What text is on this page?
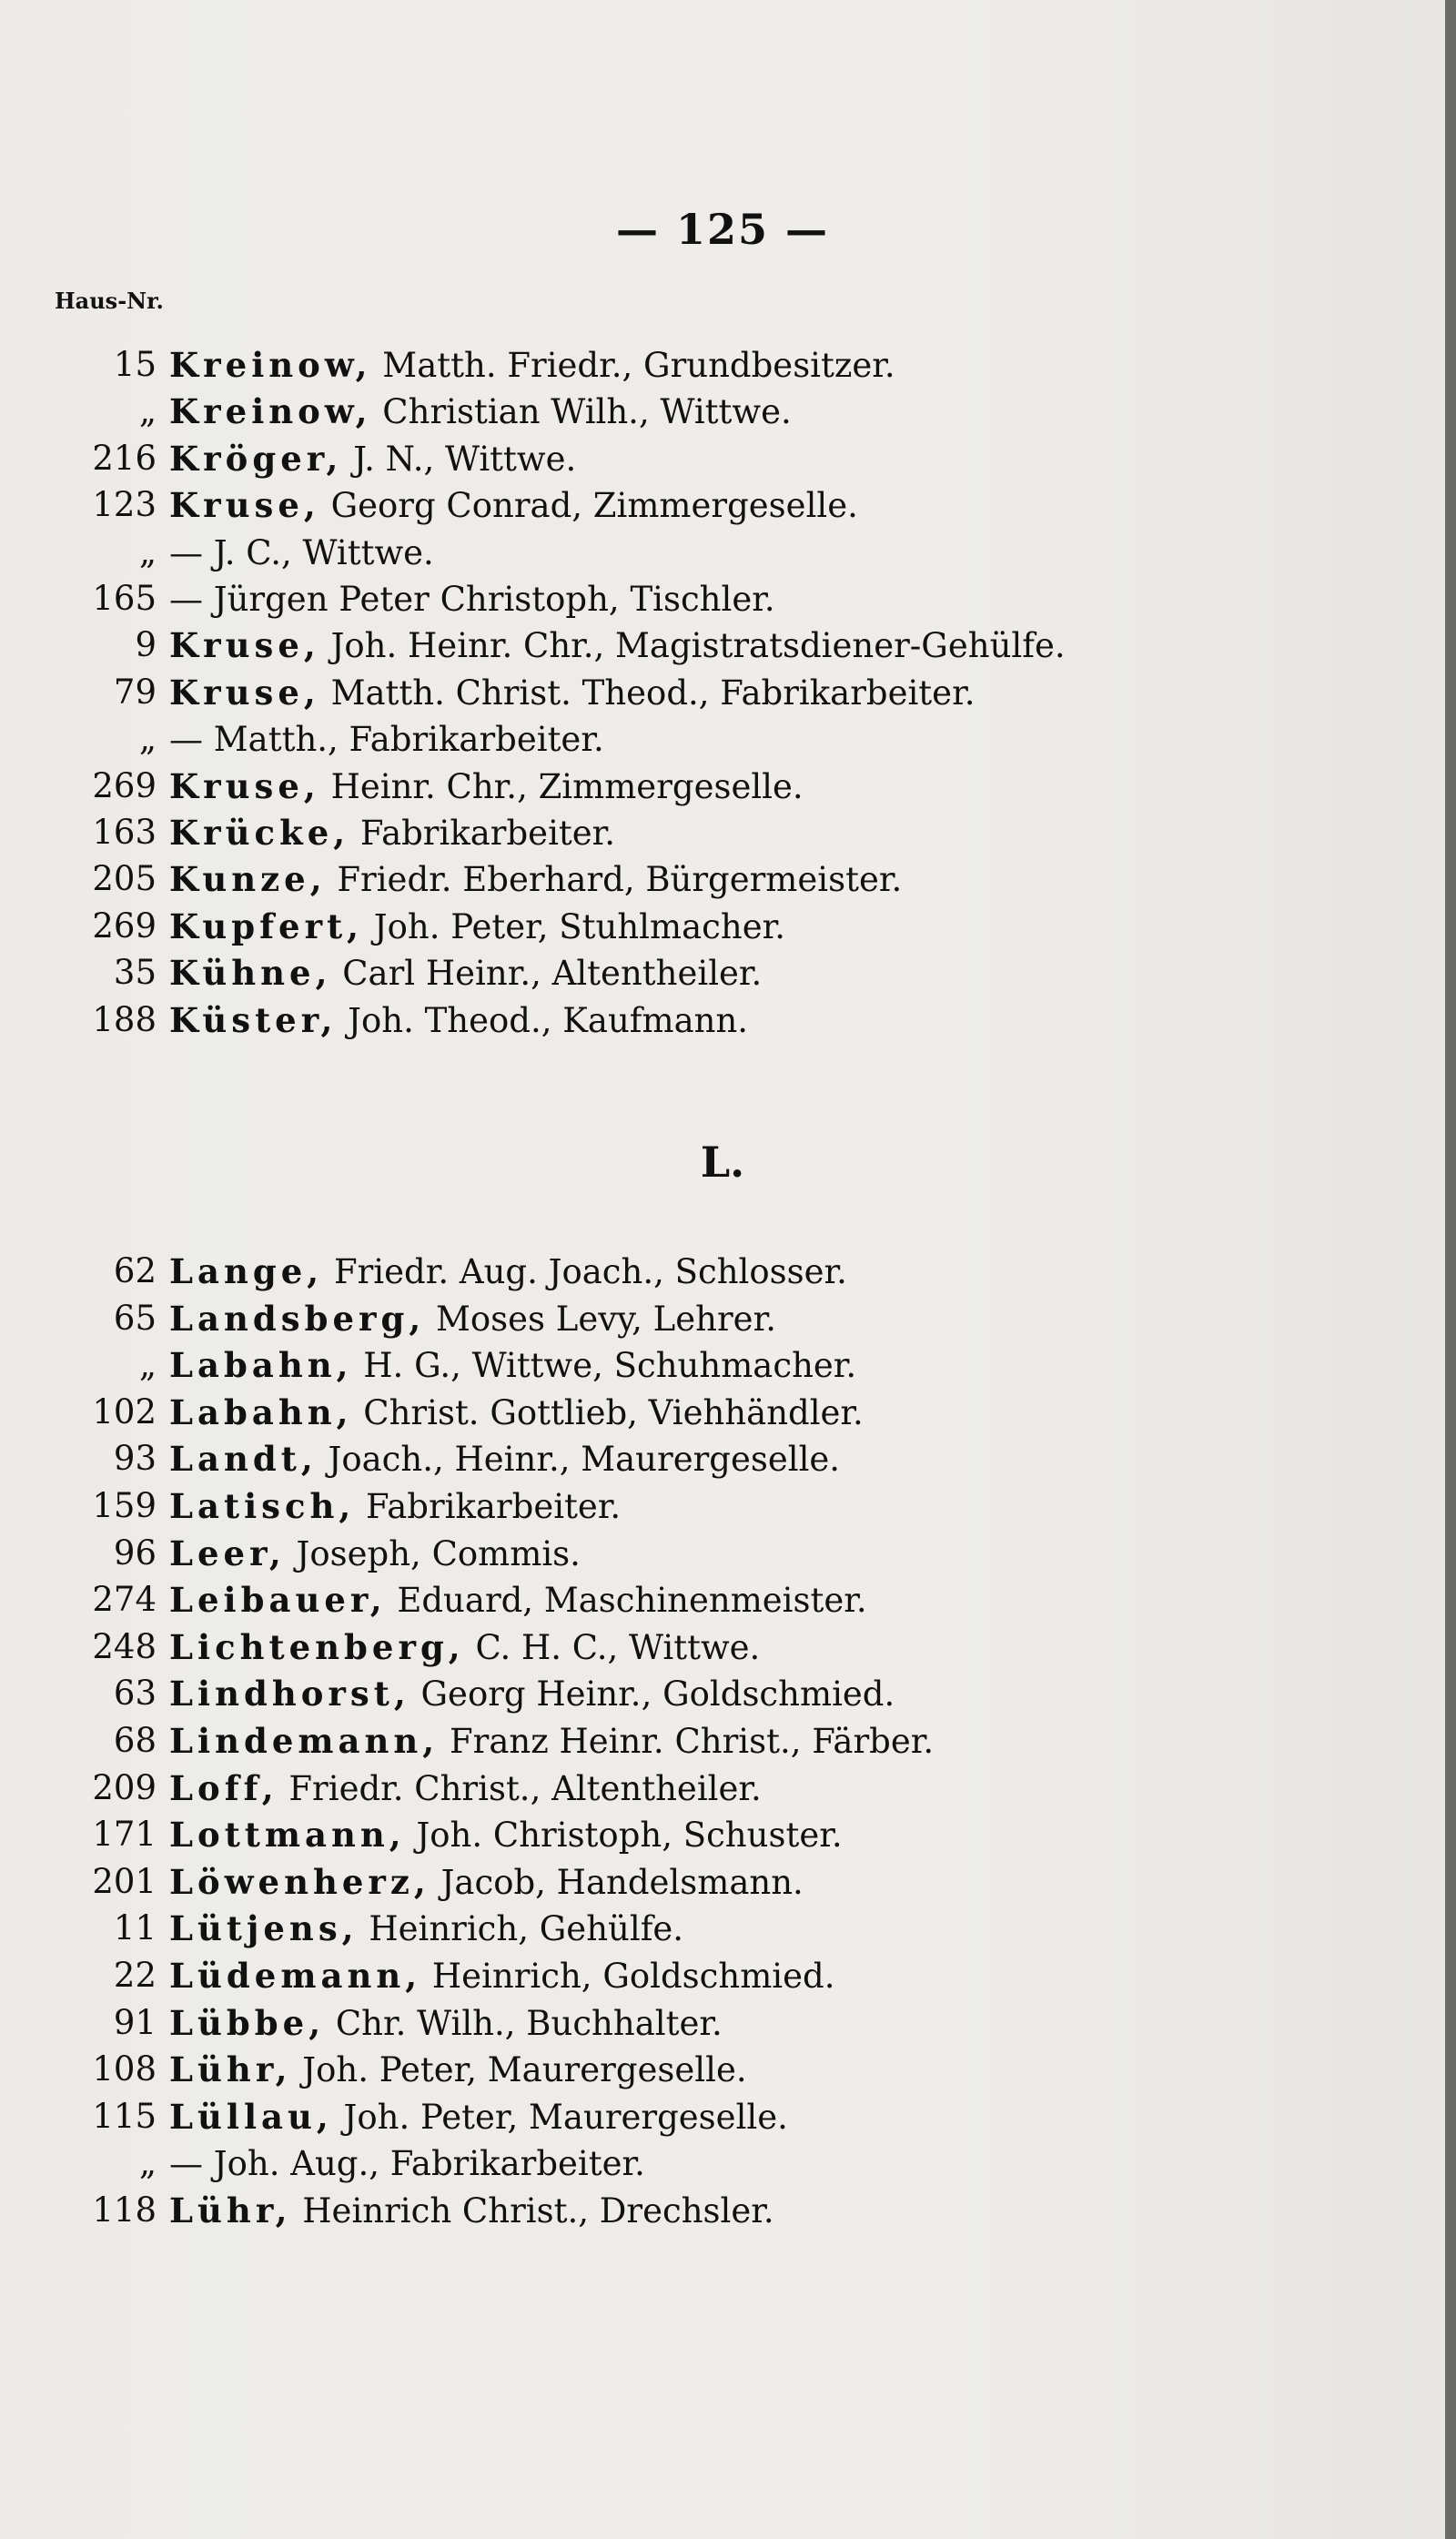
— 125 —
Haus-Nr.
15 Kreinow, Matth. Friedr., Grundbesitzer.
„ Kreinow, Christian Wilh., Wittwe.
216 Kröger, J. N., Wittwe.
123 Kruse, Georg Conrad, Zimmergeselle.
„ — J. C., Wittwe.
165 — Jürgen Peter Christoph, Tischler.
9 Kruse, Joh. Heinr. Chr., Magistratsdiener-Gehülfe.
79 Kruse, Matth. Christ. Theod., Fabrikarbeiter.
„ — Matth., Fabrikarbeiter.
269 Kruse, Heinr. Chr., Zimmergeselle.
163 Krücke, Fabrikarbeiter.
205 Kunze, Friedr. Eberhard, Bürgermeister.
269 Kupfert, Joh. Peter, Stuhlmacher.
35 Kühne, Carl Heinr., Altentheiler.
188 Küster, Joh. Theod., Kaufmann.
L.
62 Lange, Friedr. Aug. Joach., Schlosser.
65 Landsberg, Moses Levy, Lehrer.
„ Labahn, H. G., Wittwe, Schuhmacher.
102 Labahn, Christ. Gottlieb, Viehhändler.
93 Landt, Joach., Heinr., Maurergeselle.
159 Latisch, Fabrikarbeiter.
96 Leer, Joseph, Commis.
274 Leibauer, Eduard, Maschinenmeister.
248 Lichtenberg, C. H. C., Wittwe.
63 Lindhorst, Georg Heinr., Goldschmied.
68 Lindemann, Franz Heinr. Christ., Färber.
209 Loff, Friedr. Christ., Altentheiler.
171 Lottmann, Joh. Christoph, Schuster.
201 Löwenherz, Jacob, Handelsmann.
11 Lütjens, Heinrich, Gehülfe.
22 Lüdemann, Heinrich, Goldschmied.
91 Lübbe, Chr. Wilh., Buchhalter.
108 Lühr, Joh. Peter, Maurergeselle.
115 Lüllau, Joh. Peter, Maurergeselle.
„ — Joh. Aug., Fabrikarbeiter.
118 Lühr, Heinrich Christ., Drechsler.
